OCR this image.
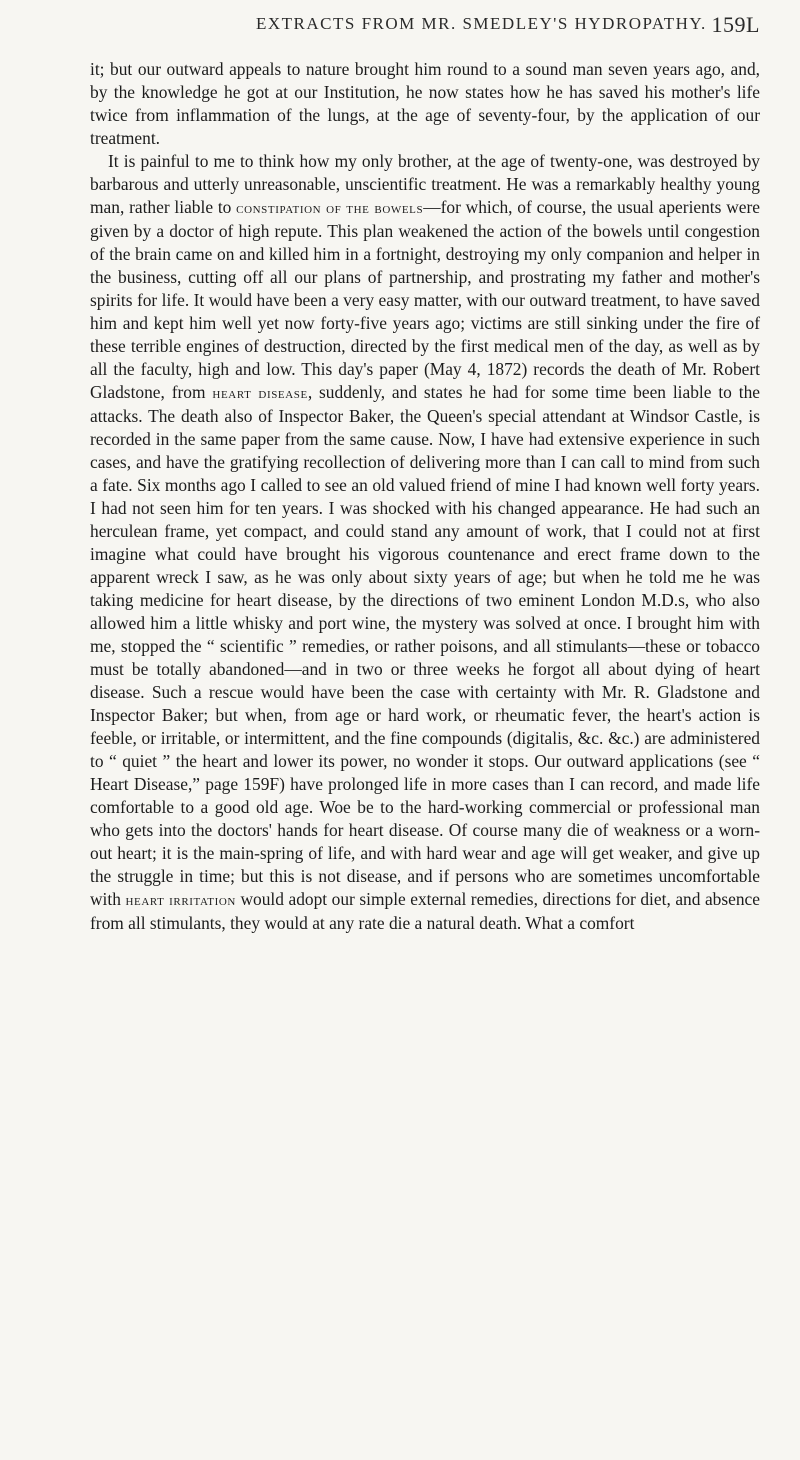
EXTRACTS FROM MR. SMEDLEY'S HYDROPATHY. 159L

it; but our outward appeals to nature brought him round to a sound man seven years ago, and, by the knowledge he got at our Institution, he now states how he has saved his mother's life twice from inflammation of the lungs, at the age of seventy-four, by the application of our treatment.

It is painful to me to think how my only brother, at the age of twenty-one, was destroyed by barbarous and utterly unreasonable, unscientific treatment. He was a remarkably healthy young man, rather liable to constipation of the bowels—for which, of course, the usual aperients were given by a doctor of high repute. This plan weakened the action of the bowels until congestion of the brain came on and killed him in a fortnight, destroying my only companion and helper in the business, cutting off all our plans of partnership, and prostrating my father and mother's spirits for life. It would have been a very easy matter, with our outward treatment, to have saved him and kept him well yet now forty-five years ago; victims are still sinking under the fire of these terrible engines of destruction, directed by the first medical men of the day, as well as by all the faculty, high and low. This day's paper (May 4, 1872) records the death of Mr. Robert Gladstone, from heart disease, suddenly, and states he had for some time been liable to the attacks. The death also of Inspector Baker, the Queen's special attendant at Windsor Castle, is recorded in the same paper from the same cause. Now, I have had extensive experience in such cases, and have the gratifying recollection of delivering more than I can call to mind from such a fate. Six months ago I called to see an old valued friend of mine I had known well forty years. I had not seen him for ten years. I was shocked with his changed appearance. He had such an herculean frame, yet compact, and could stand any amount of work, that I could not at first imagine what could have brought his vigorous countenance and erect frame down to the apparent wreck I saw, as he was only about sixty years of age; but when he told me he was taking medicine for heart disease, by the directions of two eminent London M.D.s, who also allowed him a little whisky and port wine, the mystery was solved at once. I brought him with me, stopped the “ scientific ” remedies, or rather poisons, and all stimulants—these or tobacco must be totally abandoned—and in two or three weeks he forgot all about dying of heart disease. Such a rescue would have been the case with certainty with Mr. R. Gladstone and Inspector Baker; but when, from age or hard work, or rheumatic fever, the heart's action is feeble, or irritable, or intermittent, and the fine compounds (digitalis, &c. &c.) are administered to “ quiet ” the heart and lower its power, no wonder it stops. Our outward applications (see “ Heart Disease,” page 159F) have prolonged life in more cases than I can record, and made life comfortable to a good old age. Woe be to the hard-working commercial or professional man who gets into the doctors' hands for heart disease. Of course many die of weakness or a worn-out heart; it is the main-spring of life, and with hard wear and age will get weaker, and give up the struggle in time; but this is not disease, and if persons who are sometimes uncomfortable with heart irritation would adopt our simple external remedies, directions for diet, and absence from all stimulants, they would at any rate die a natural death. What a comfort
